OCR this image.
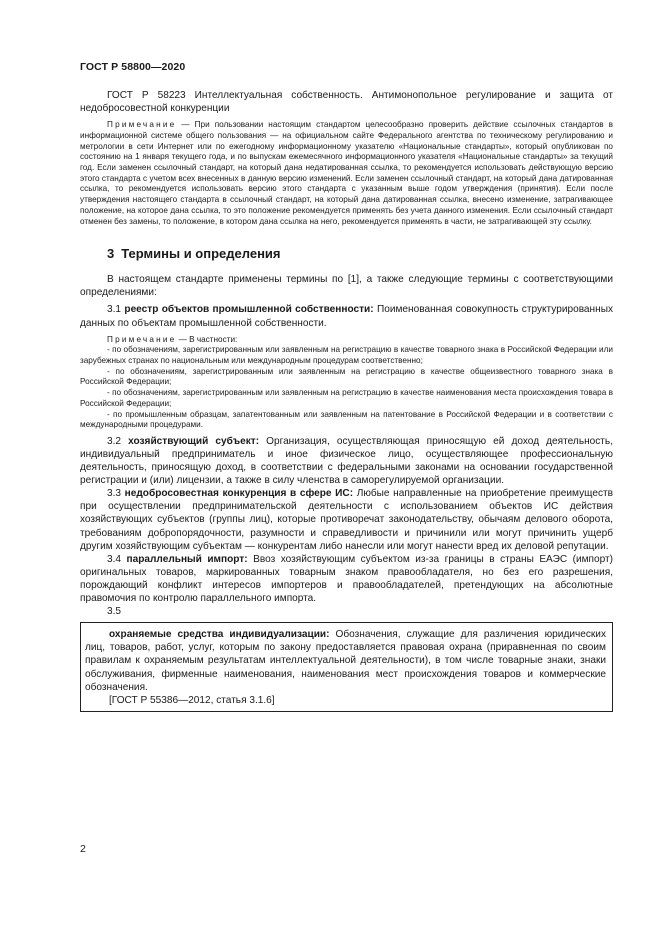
ГОСТ Р 58800—2020

ГОСТ Р 58223 Интеллектуальная собственность. Антимонопольное регулирование и защита от недобросовестной конкуренции

Примечание — При пользовании настоящим стандартом целесообразно проверить действие ссылочных стандартов в информационной системе общего пользования — на официальном сайте Федерального агентства по техническому регулированию и метрологии в сети Интернет или по ежегодному информационному указателю «Национальные стандарты», который опубликован по состоянию на 1 января текущего года, и по выпускам ежемесячного информационного указателя «Национальные стандарты» за текущий год. Если заменен ссылочный стандарт, на который дана недатированная ссылка, то рекомендуется использовать действующую версию этого стандарта с учетом всех внесенных в данную версию изменений. Если заменен ссылочный стандарт, на который дана датированная ссылка, то рекомендуется использовать версию этого стандарта с указанным выше годом утверждения (принятия). Если после утверждения настоящего стандарта в ссылочный стандарт, на который дана датированная ссылка, внесено изменение, затрагивающее положение, на которое дана ссылка, то это положение рекомендуется применять без учета данного изменения. Если ссылочный стандарт отменен без замены, то положение, в котором дана ссылка на него, рекомендуется применять в части, не затрагивающей эту ссылку.

3 Термины и определения

В настоящем стандарте применены термины по [1], а также следующие термины с соответствующими определениями:

3.1 реестр объектов промышленной собственности: Поименованная совокупность структурированных данных по объектам промышленной собственности.

Примечание — В частности:

- по обозначениям, зарегистрированным или заявленным на регистрацию в качестве товарного знака в Российской Федерации или зарубежных странах по национальным или международным процедурам соответственно;

- по обозначениям, зарегистрированным или заявленным на регистрацию в качестве общеизвестного товарного знака в Российской Федерации;

- по обозначениям, зарегистрированным или заявленным на регистрацию в качестве наименования места происхождения товара в Российской Федерации;

- по промышленным образцам, запатентованным или заявленным на патентование в Российской Федерации и в соответствии с международными процедурами.

3.2 хозяйствующий субъект: Организация, осуществляющая приносящую ей доход деятельность, индивидуальный предприниматель и иное физическое лицо, осуществляющее профессиональную деятельность, приносящую доход, в соответствии с федеральными законами на основании государственной регистрации и (или) лицензии, а также в силу членства в саморегулируемой организации.

3.3 недобросовестная конкуренция в сфере ИС: Любые направленные на приобретение преимуществ при осуществлении предпринимательской деятельности с использованием объектов ИС действия хозяйствующих субъектов (группы лиц), которые противоречат законодательству, обычаям делового оборота, требованиям добропорядочности, разумности и справедливости и причинили или могут причинить ущерб другим хозяйствующим субъектам — конкурентам либо нанесли или могут нанести вред их деловой репутации.

3.4 параллельный импорт: Ввоз хозяйствующим субъектом из-за границы в страны ЕАЭС (импорт) оригинальных товаров, маркированных товарным знаком правообладателя, но без его разрешения, порождающий конфликт интересов импортеров и правообладателей, претендующих на абсолютные правомочия по контролю параллельного импорта.

3.5

охраняемые средства индивидуализации: Обозначения, служащие для различения юридических лиц, товаров, работ, услуг, которым по закону предоставляется правовая охрана (приравненная по своим правилам к охраняемым результатам интеллектуальной деятельности), в том числе товарные знаки, знаки обслуживания, фирменные наименования, наименования мест происхождения товаров и коммерческие обозначения.

[ГОСТ Р 55386—2012, статья 3.1.6]

2
